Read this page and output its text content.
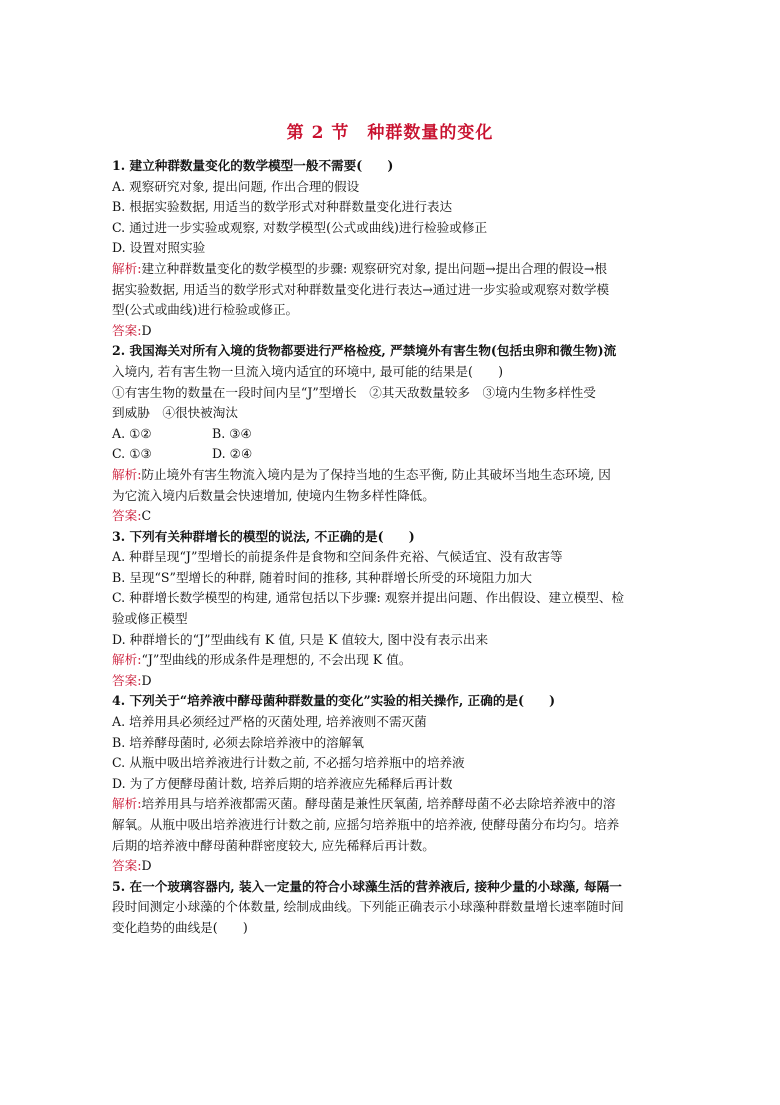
第 2 节　种群数量的变化
1. 建立种群数量变化的数学模型一般不需要(　　)
A. 观察研究对象, 提出问题, 作出合理的假设
B. 根据实验数据, 用适当的数学形式对种群数量变化进行表达
C. 通过进一步实验或观察, 对数学模型(公式或曲线)进行检验或修正
D. 设置对照实验
解析:建立种群数量变化的数学模型的步骤: 观察研究对象, 提出问题→提出合理的假设→根
据实验数据, 用适当的数学形式对种群数量变化进行表达→通过进一步实验或观察对数学模
型(公式或曲线)进行检验或修正。
答案:D
2. 我国海关对所有入境的货物都要进行严格检疫, 严禁境外有害生物(包括虫卵和微生物)流
入境内, 若有害生物一旦流入境内适宜的环境中, 最可能的结果是(　　)
①有害生物的数量在一段时间内呈“J”型增长　②其天敌数量较多　③境内生物多样性受
到威胁　④很快被淘汰
A. ①②	B. ③④
C. ①③	D. ②④
解析:防止境外有害生物流入境内是为了保持当地的生态平衡, 防止其破坏当地生态环境, 因
为它流入境内后数量会快速增加, 使境内生物多样性降低。
答案:C
3. 下列有关种群增长的模型的说法, 不正确的是(　　)
A. 种群呈现“J”型增长的前提条件是食物和空间条件充裕、气候适宜、没有敌害等
B. 呈现“S”型增长的种群, 随着时间的推移, 其种群增长所受的环境阻力加大
C. 种群增长数学模型的构建, 通常包括以下步骤: 观察并提出问题、作出假设、建立模型、检
验或修正模型
D. 种群增长的“J”型曲线有 K 值, 只是 K 值较大, 图中没有表示出来
解析:“J”型曲线的形成条件是理想的, 不会出现 K 值。
答案:D
4. 下列关于“培养液中酵母菌种群数量的变化”实验的相关操作, 正确的是(　　)
A. 培养用具必须经过严格的灭菌处理, 培养液则不需灭菌
B. 培养酵母菌时, 必须去除培养液中的溶解氧
C. 从瓶中吸出培养液进行计数之前, 不必摇匀培养瓶中的培养液
D. 为了方便酵母菌计数, 培养后期的培养液应先稀释后再计数
解析:培养用具与培养液都需灭菌。酵母菌是兼性厌氧菌, 培养酵母菌不必去除培养液中的溶
解氧。从瓶中吸出培养液进行计数之前, 应摇匀培养瓶中的培养液, 使酵母菌分布均匀。培养
后期的培养液中酵母菌种群密度较大, 应先稀释后再计数。
答案:D
5. 在一个玻璃容器内, 装入一定量的符合小球藻生活的营养液后, 接种少量的小球藻, 每隔一
段时间测定小球藻的个体数量, 绘制成曲线。下列能正确表示小球藻种群数量增长速率随时间
变化趋势的曲线是(　　)
